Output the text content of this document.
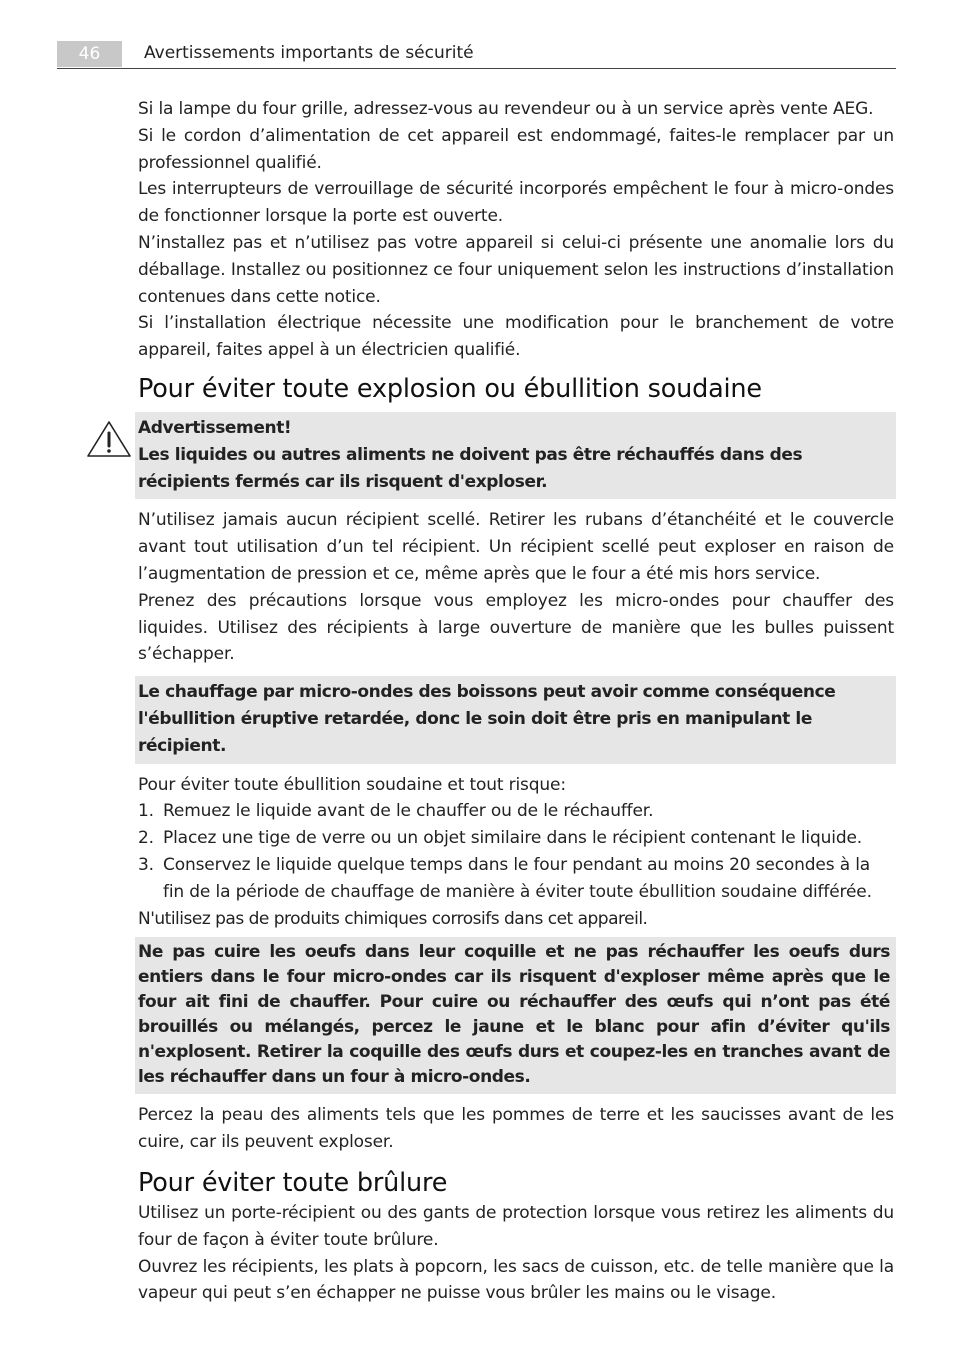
46	Avertissements importants de sécurité

Si la lampe du four grille, adressez-vous au revendeur ou à un service après vente AEG.

Si le cordon d’alimentation de cet appareil est endommagé, faites-le remplacer par un professionnel qualifié.

Les interrupteurs de verrouillage de sécurité incorporés empêchent le four à micro-ondes de fonctionner lorsque la porte est ouverte.

N’installez pas et n’utilisez pas votre appareil si celui-ci présente une anomalie lors du déballage. Installez ou positionnez ce four uniquement selon les instructions d’installation contenues dans cette notice.

Si l’installation électrique nécessite une modification pour le branchement de votre appareil, faites appel à un électricien qualifié.

Pour éviter toute explosion ou ébullition soudaine

Advertissement!

Les liquides ou autres aliments ne doivent pas être réchauffés dans des récipients fermés car ils risquent d'exploser.

N’utilisez jamais aucun récipient scellé. Retirer les rubans d’étanchéité et le couvercle avant tout utilisation d’un tel récipient. Un récipient scellé peut exploser en raison de l’augmentation de pression et ce, même après que le four a été mis hors service.

Prenez des précautions lorsque vous employez les micro-ondes pour chauffer des liquides. Utilisez des récipients à large ouverture de manière que les bulles puissent s’échapper.

Le chauffage par micro-ondes des boissons peut avoir comme conséquence l'ébullition éruptive retardée, donc le soin doit être pris en manipulant le récipient.

Pour éviter toute ébullition soudaine et tout risque:

1. Remuez le liquide avant de le chauffer ou de le réchauffer.
2. Placez une tige de verre ou un objet similaire dans le récipient contenant le liquide.
3. Conservez le liquide quelque temps dans le four pendant au moins 20 secondes à la fin de la période de chauffage de manière à éviter toute ébullition soudaine différée.

N'utilisez pas de produits chimiques corrosifs dans cet appareil.

Ne pas cuire les oeufs dans leur coquille et ne pas réchauffer les oeufs durs entiers dans le four micro-ondes car ils risquent d'exploser même après que le four ait fini de chauffer. Pour cuire ou réchauffer des œufs qui n’ont pas été brouillés ou mélangés, percez le jaune et le blanc pour afin d’éviter qu'ils n'explosent. Retirer la coquille des œufs durs et coupez-les en tranches avant de les réchauffer dans un four à micro-ondes.

Percez la peau des aliments tels que les pommes de terre et les saucisses avant de les cuire, car ils peuvent exploser.

Pour éviter toute brûlure

Utilisez un porte-récipient ou des gants de protection lorsque vous retirez les aliments du four de façon à éviter toute brûlure.

Ouvrez les récipients, les plats à popcorn, les sacs de cuisson, etc. de telle manière que la vapeur qui peut s’en échapper ne puisse vous brûler les mains ou le visage.
